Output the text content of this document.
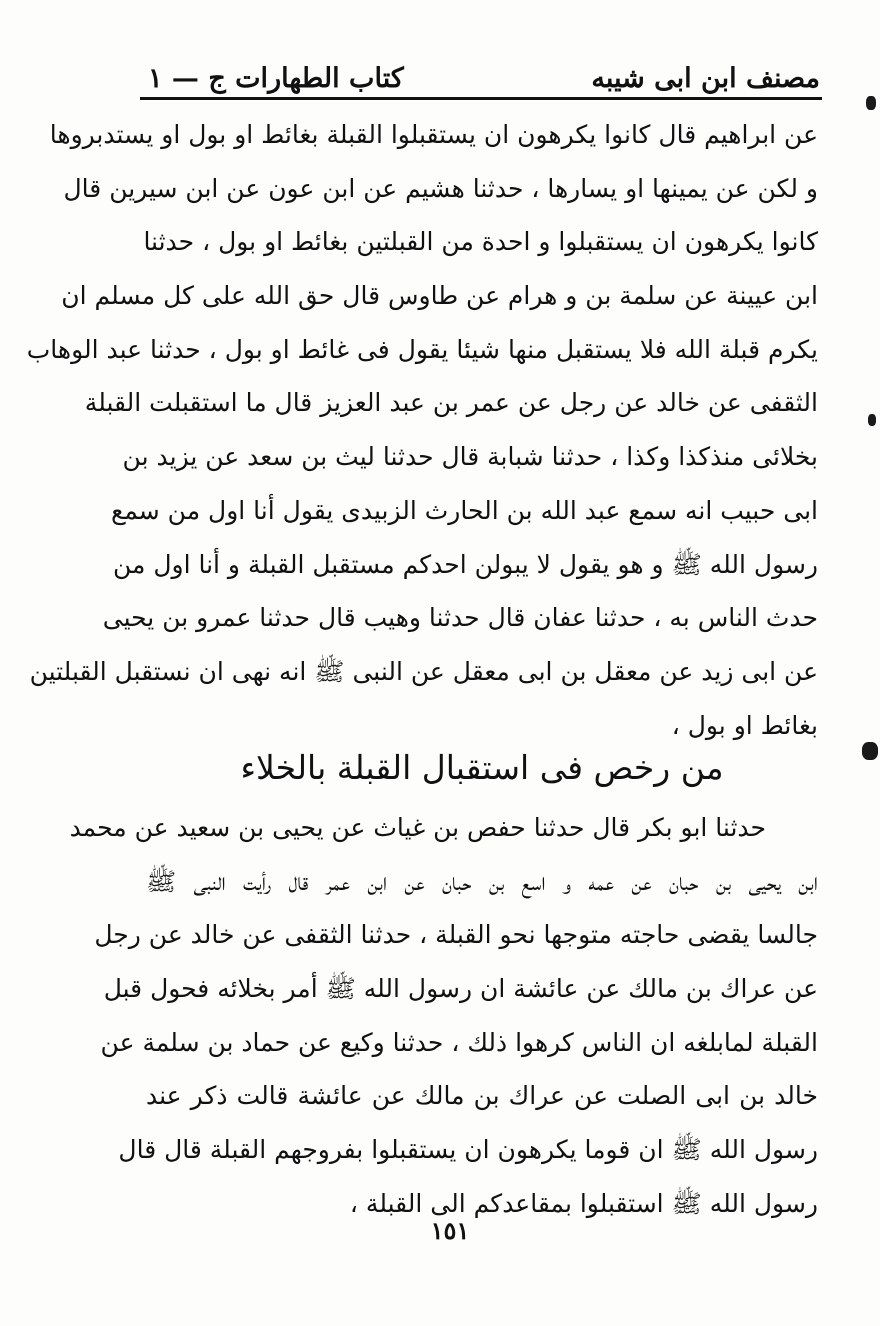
مصنف ابن ابى شيبه
كتاب الطهارات ج — ١
عن ابراهيم قال كانوا يكرهون ان يستقبلوا القبلة بغائط او بول او يستدبروها
و لكن عن يمينها او يسارها ، حدثنا هشيم عن ابن عون عن ابن سيرين قال
كانوا يكرهون ان يستقبلوا و احدة من القبلتين بغائط او بول ، حدثنا
ابن عيينة عن سلمة بن و هرام عن طاوس قال حق الله على كل مسلم ان
يكرم قبلة الله فلا يستقبل منها شيئا يقول فى غائط او بول ، حدثنا عبد الوهاب
الثقفى عن خالد عن رجل عن عمر بن عبد العزيز قال ما استقبلت القبلة
بخلائى منذكذا وكذا ، حدثنا شبابة قال حدثنا ليث بن سعد عن يزيد بن
ابى حبيب انه سمع عبد الله بن الحارث الزبيدى يقول أنا اول من سمع
رسول الله ﷺ و هو يقول لا يبولن احدكم مستقبل القبلة و أنا اول من
حدث الناس به ، حدثنا عفان قال حدثنا وهيب قال حدثنا عمرو بن يحيى
عن ابى زيد عن معقل بن ابى معقل عن النبى ﷺ انه نهى ان نستقبل القبلتين
بغائط او بول ،
من رخص فى استقبال القبلة بالخلاء
حدثنا ابو بكر قال حدثنا حفص بن غياث عن يحيى بن سعيد عن محمد
ابن يحيى بن حبان عن عمه و اسع بن حبان عن ابن عمر قال رأيت النبى ﷺ
جالسا يقضى حاجته متوجها نحو القبلة ، حدثنا الثقفى عن خالد عن رجل
عن عراك بن مالك عن عائشة ان رسول الله ﷺ أمر بخلائه فحول قبل
القبلة لمابلغه ان الناس كرهوا ذلك ، حدثنا وكيع عن حماد بن سلمة عن
خالد بن ابى الصلت عن عراك بن مالك عن عائشة قالت ذكر عند
رسول الله ﷺ ان قوما يكرهون ان يستقبلوا بفروجهم القبلة قال قال
رسول الله ﷺ استقبلوا بمقاعدكم الى القبلة ،
١٥١
